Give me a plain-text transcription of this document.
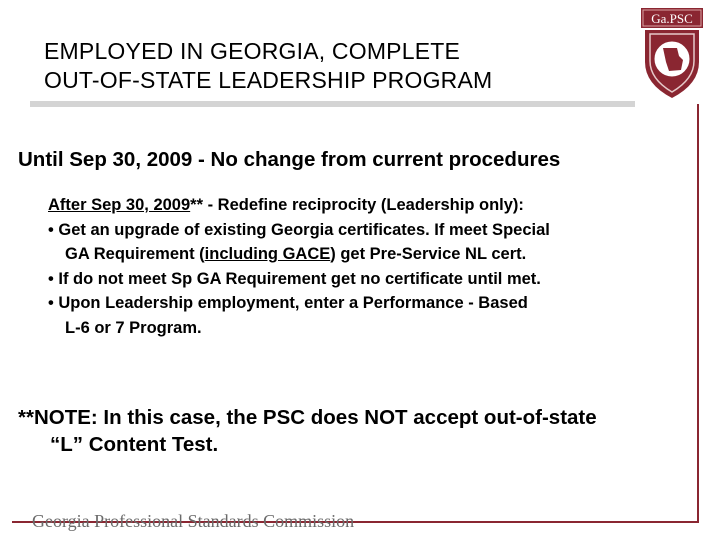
EMPLOYED IN GEORGIA, COMPLETE
OUT-OF-STATE LEADERSHIP PROGRAM
Ga.PSC

Until Sep 30, 2009 - No change from current procedures

After Sep 30, 2009** - Redefine reciprocity (Leadership only):
• Get an upgrade of existing Georgia certificates. If meet Special
GA Requirement (including GACE) get Pre-Service NL cert.
• If do not meet Sp GA Requirement get no certificate until met.
• Upon Leadership employment, enter a Performance - Based
L-6 or 7 Program.
**NOTE: In this case, the PSC does NOT accept out-of-state
“L” Content Test.

Georgia Professional Standards Commission
